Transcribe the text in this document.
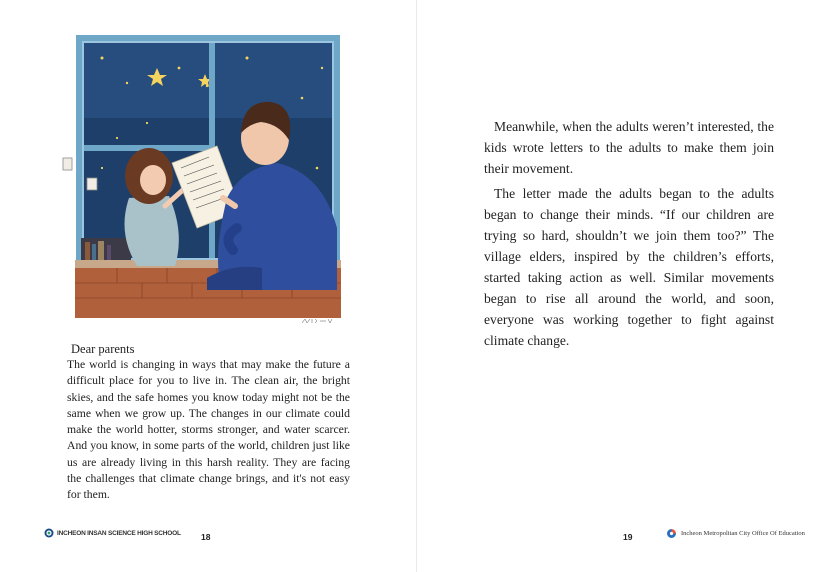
Dear parents

The world is changing in ways that may make the future a difficult place for you to live in. The clean air, the bright skies, and the safe homes you know today might not be the same when we grow up. The changes in our climate could make the world hotter, storms stronger, and water scarcer. And you know, in some parts of the world, children just like us are already living in this harsh reality. They are facing the challenges that climate change brings, and it's not easy for them.

INCHEON INSAN SCIENCE HIGH SCHOOL 18	19	Incheon Metropolitan City Office Of Education

Meanwhile, when the adults weren’t interested, the kids wrote letters to the adults to make them join their movement.

The letter made the adults began to the adults began to change their minds. “If our children are trying so hard, shouldn’t we join them too?” The village elders, inspired by the children’s efforts, started taking action as well. Similar movements began to rise all around the world, and soon, everyone was working together to fight against climate change.
